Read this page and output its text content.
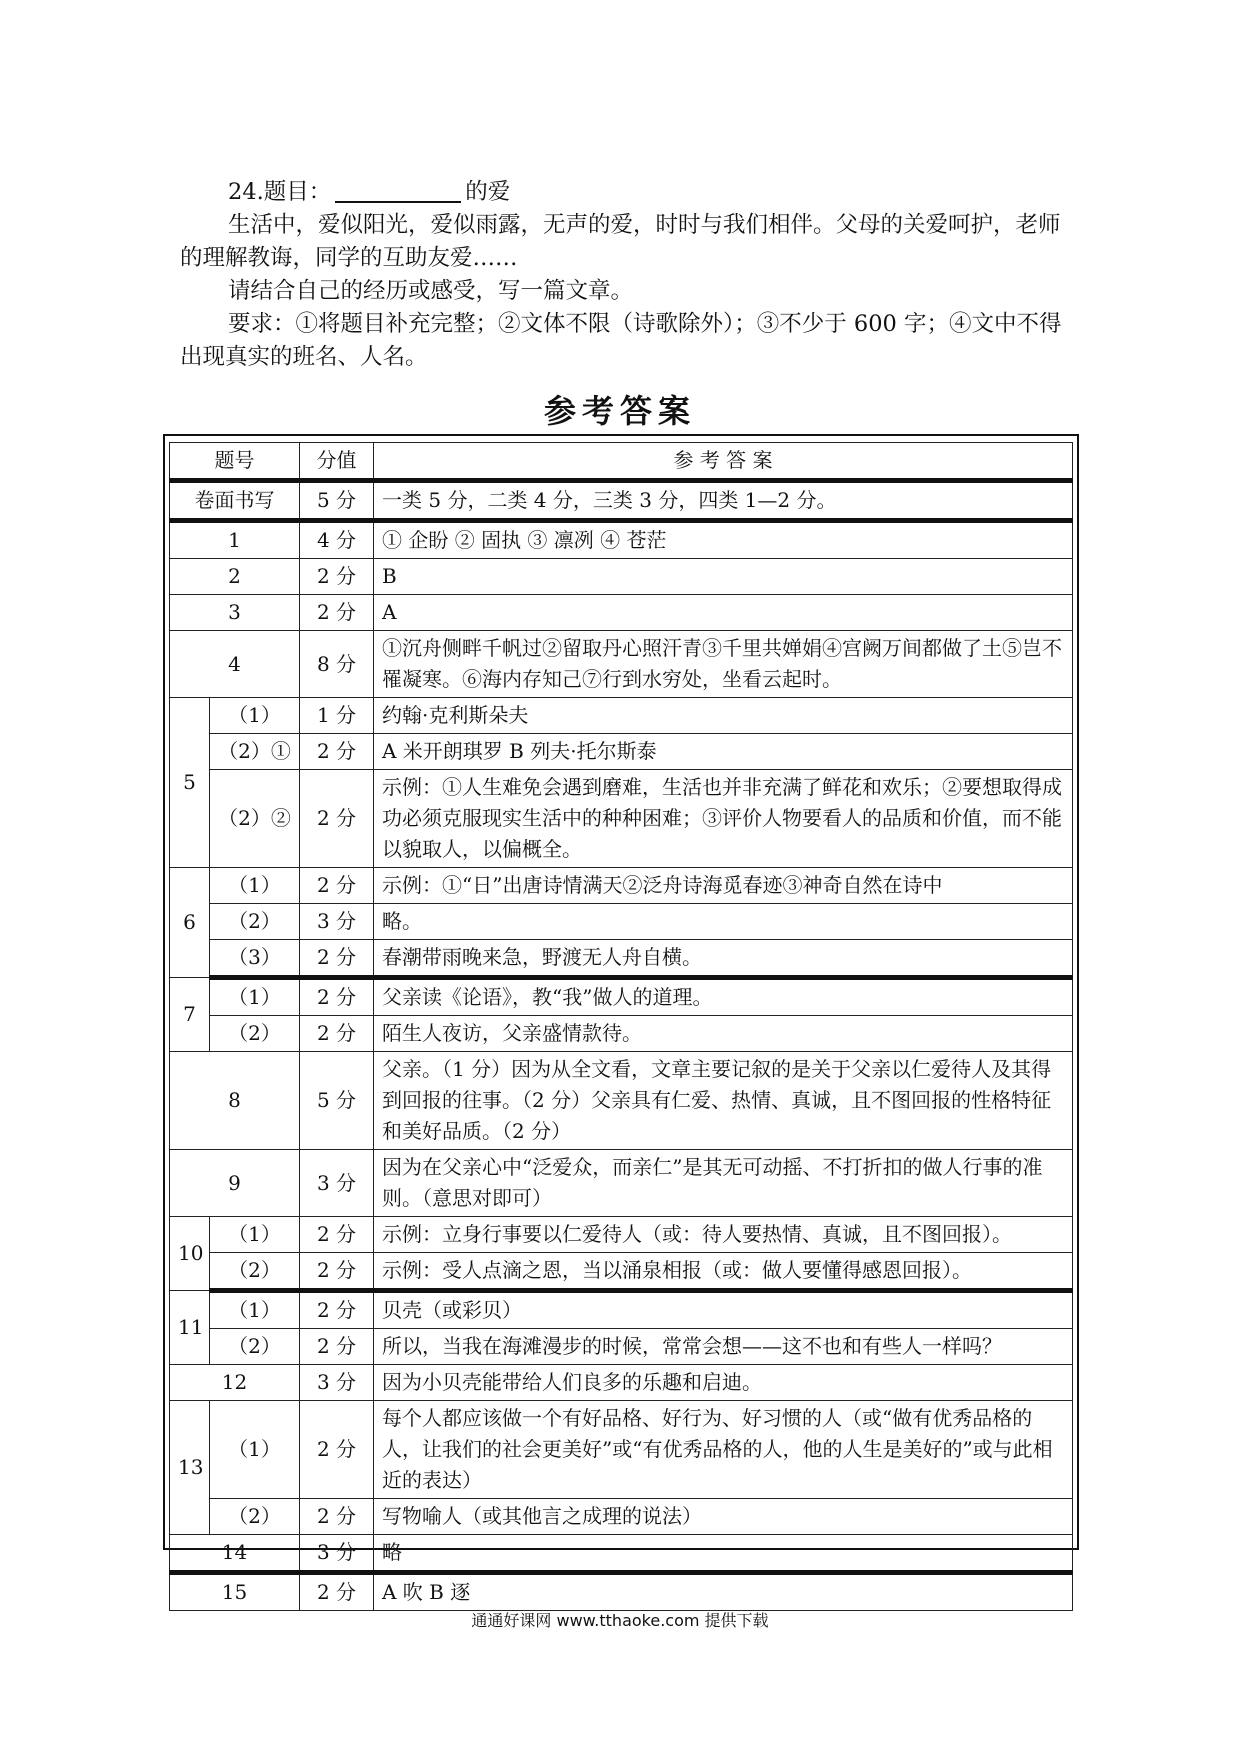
24.题目：	的爱

生活中，爱似阳光，爱似雨露，无声的爱，时时与我们相伴。父母的关爱呵护，老师的理解教诲，同学的互助友爱……

请结合自己的经历或感受，写一篇文章。

要求：①将题目补充完整；②文体不限（诗歌除外）；③不少于 600 字；④文中不得出现真实的班名、人名。

参考答案
题号		分值	参 考 答 案
卷面书写		5 分	一类 5 分，二类 4 分，三类 3 分，四类 1—2 分。
1		4 分	① 企盼 ② 固执 ③ 凛冽 ④ 苍茫
2		2 分	B
3		2 分	A
4		8 分	①沉舟侧畔千帆过②留取丹心照汗青③千里共婵娟④宫阙万间都做了土⑤岂不罹凝寒。⑥海内存知己⑦行到水穷处，坐看云起时。
5	（1）	1 分	约翰·克利斯朵夫
	（2）①	2 分	A 米开朗琪罗 B 列夫·托尔斯泰
	（2）②	2 分	示例：①人生难免会遇到磨难，生活也并非充满了鲜花和欢乐；②要想取得成功必须克服现实生活中的种种困难；③评价人物要看人的品质和价值，而不能以貌取人，以偏概全。
6	（1）	2 分	示例：①“日”出唐诗情满天②泛舟诗海觅春迹③神奇自然在诗中
	（2）	3 分	略。
	（3）	2 分	春潮带雨晚来急，野渡无人舟自横。
7	（1）	2 分	父亲读《论语》，教“我”做人的道理。
	（2）	2 分	陌生人夜访，父亲盛情款待。
8		5 分	父亲。（1 分）因为从全文看，文章主要记叙的是关于父亲以仁爱待人及其得到回报的往事。（2 分）父亲具有仁爱、热情、真诚，且不图回报的性格特征和美好品质。（2 分）
9		3 分	因为在父亲心中“泛爱众，而亲仁”是其无可动摇、不打折扣的做人行事的准则。（意思对即可）
10	（1）	2 分	示例：立身行事要以仁爱待人（或：待人要热情、真诚，且不图回报）。
	（2）	2 分	示例：受人点滴之恩，当以涌泉相报（或：做人要懂得感恩回报）。
11	（1）	2 分	贝壳（或彩贝）
	（2）	2 分	所以，当我在海滩漫步的时候，常常会想——这不也和有些人一样吗？
12		3 分	因为小贝壳能带给人们良多的乐趣和启迪。
13	（1）	2 分	每个人都应该做一个有好品格、好行为、好习惯的人（或“做有优秀品格的人，让我们的社会更美好”或“有优秀品格的人，他的人生是美好的”或与此相近的表达）
	（2）	2 分	写物喻人（或其他言之成理的说法）
14		3 分	略
15		2 分	A 吹 B 逐
通通好课网 www.tthaoke.com 提供下载
